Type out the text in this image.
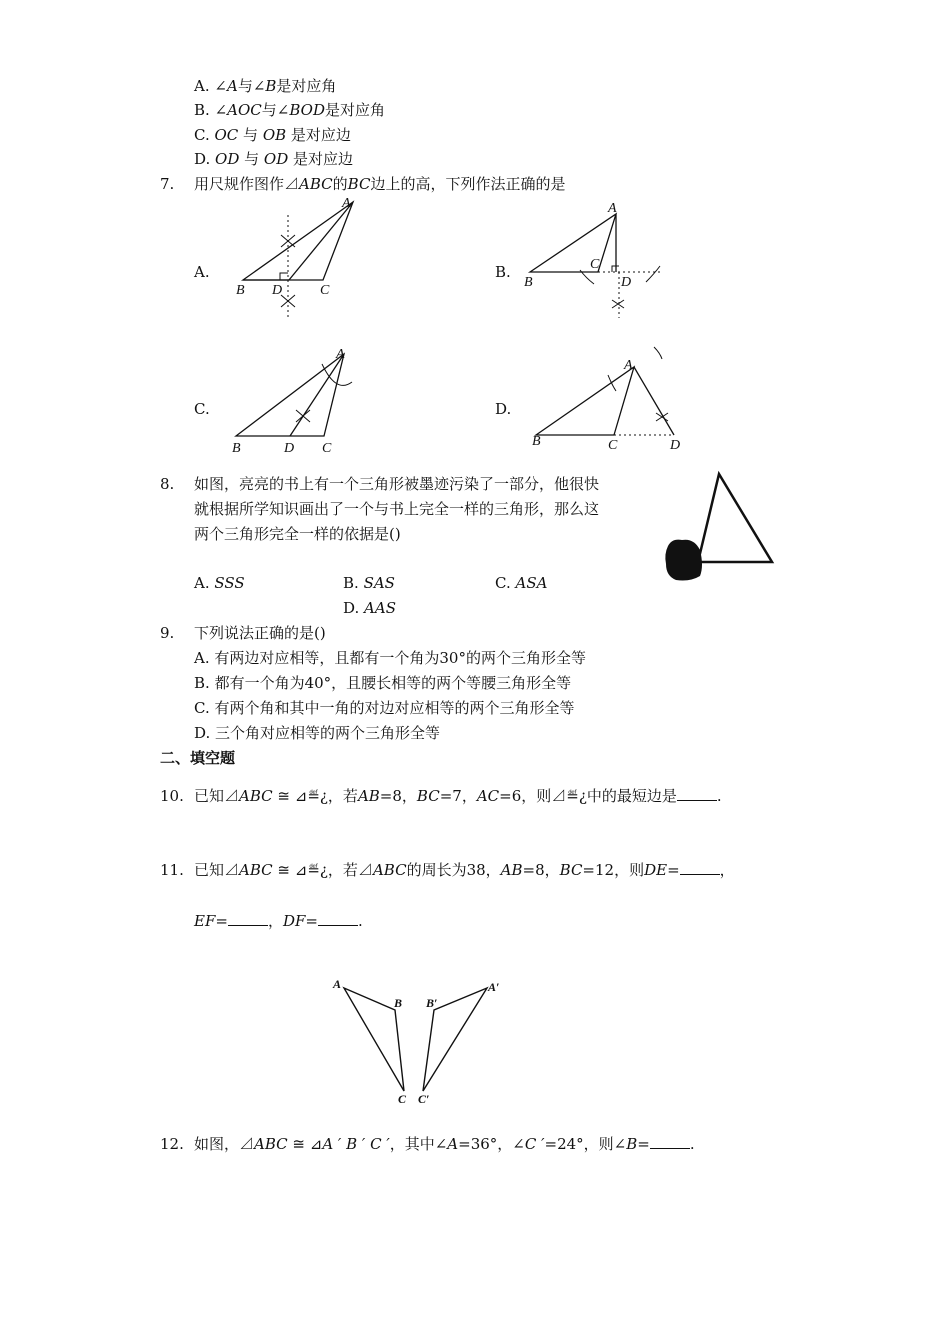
A. ∠A与∠B是对应角
B. ∠AOC与∠BOD是对应角
C. OC 与 OB 是对应边
D. OD 与 OD 是对应边
7. 用尺规作图作⊿ABC的BC边上的高，下列作法正确的是
A.
A
B D	C
B.
A
B
C
D
C.
A
B	D C
D.
A
B	C	D
8. 如图，亮亮的书上有一个三角形被墨迹污染了一部分，他很快
就根据所学知识画出了一个与书上完全一样的三角形，那么这
两个三角形完全一样的依据是()
A. SSS	B. SAS	C. ASA
D. AAS
9. 下列说法正确的是()
A. 有两边对应相等，且都有一个角为30°的两个三角形全等
B. 都有一个角为40°，且腰长相等的两个等腰三角形全等
C. 有两个角和其中一角的对边对应相等的两个三角形全等
D. 三个角对应相等的两个三角形全等
二、填空题
10. 已知⊿ABC ≅ ⊿≝¿，若AB=8，BC=7，AC=6，则⊿≝¿中的最短边是	.
11. 已知⊿ABC ≅ ⊿≝¿，若⊿ABC的周长为38，AB=8，BC=12，则DE=	，
EF=	，DF=	.
A
B
C
A′
B′
C′
12. 如图，⊿ABC ≅ ⊿A ′ B ′ C ′，其中∠A=36°，∠C ′=24°，则∠B=	.
